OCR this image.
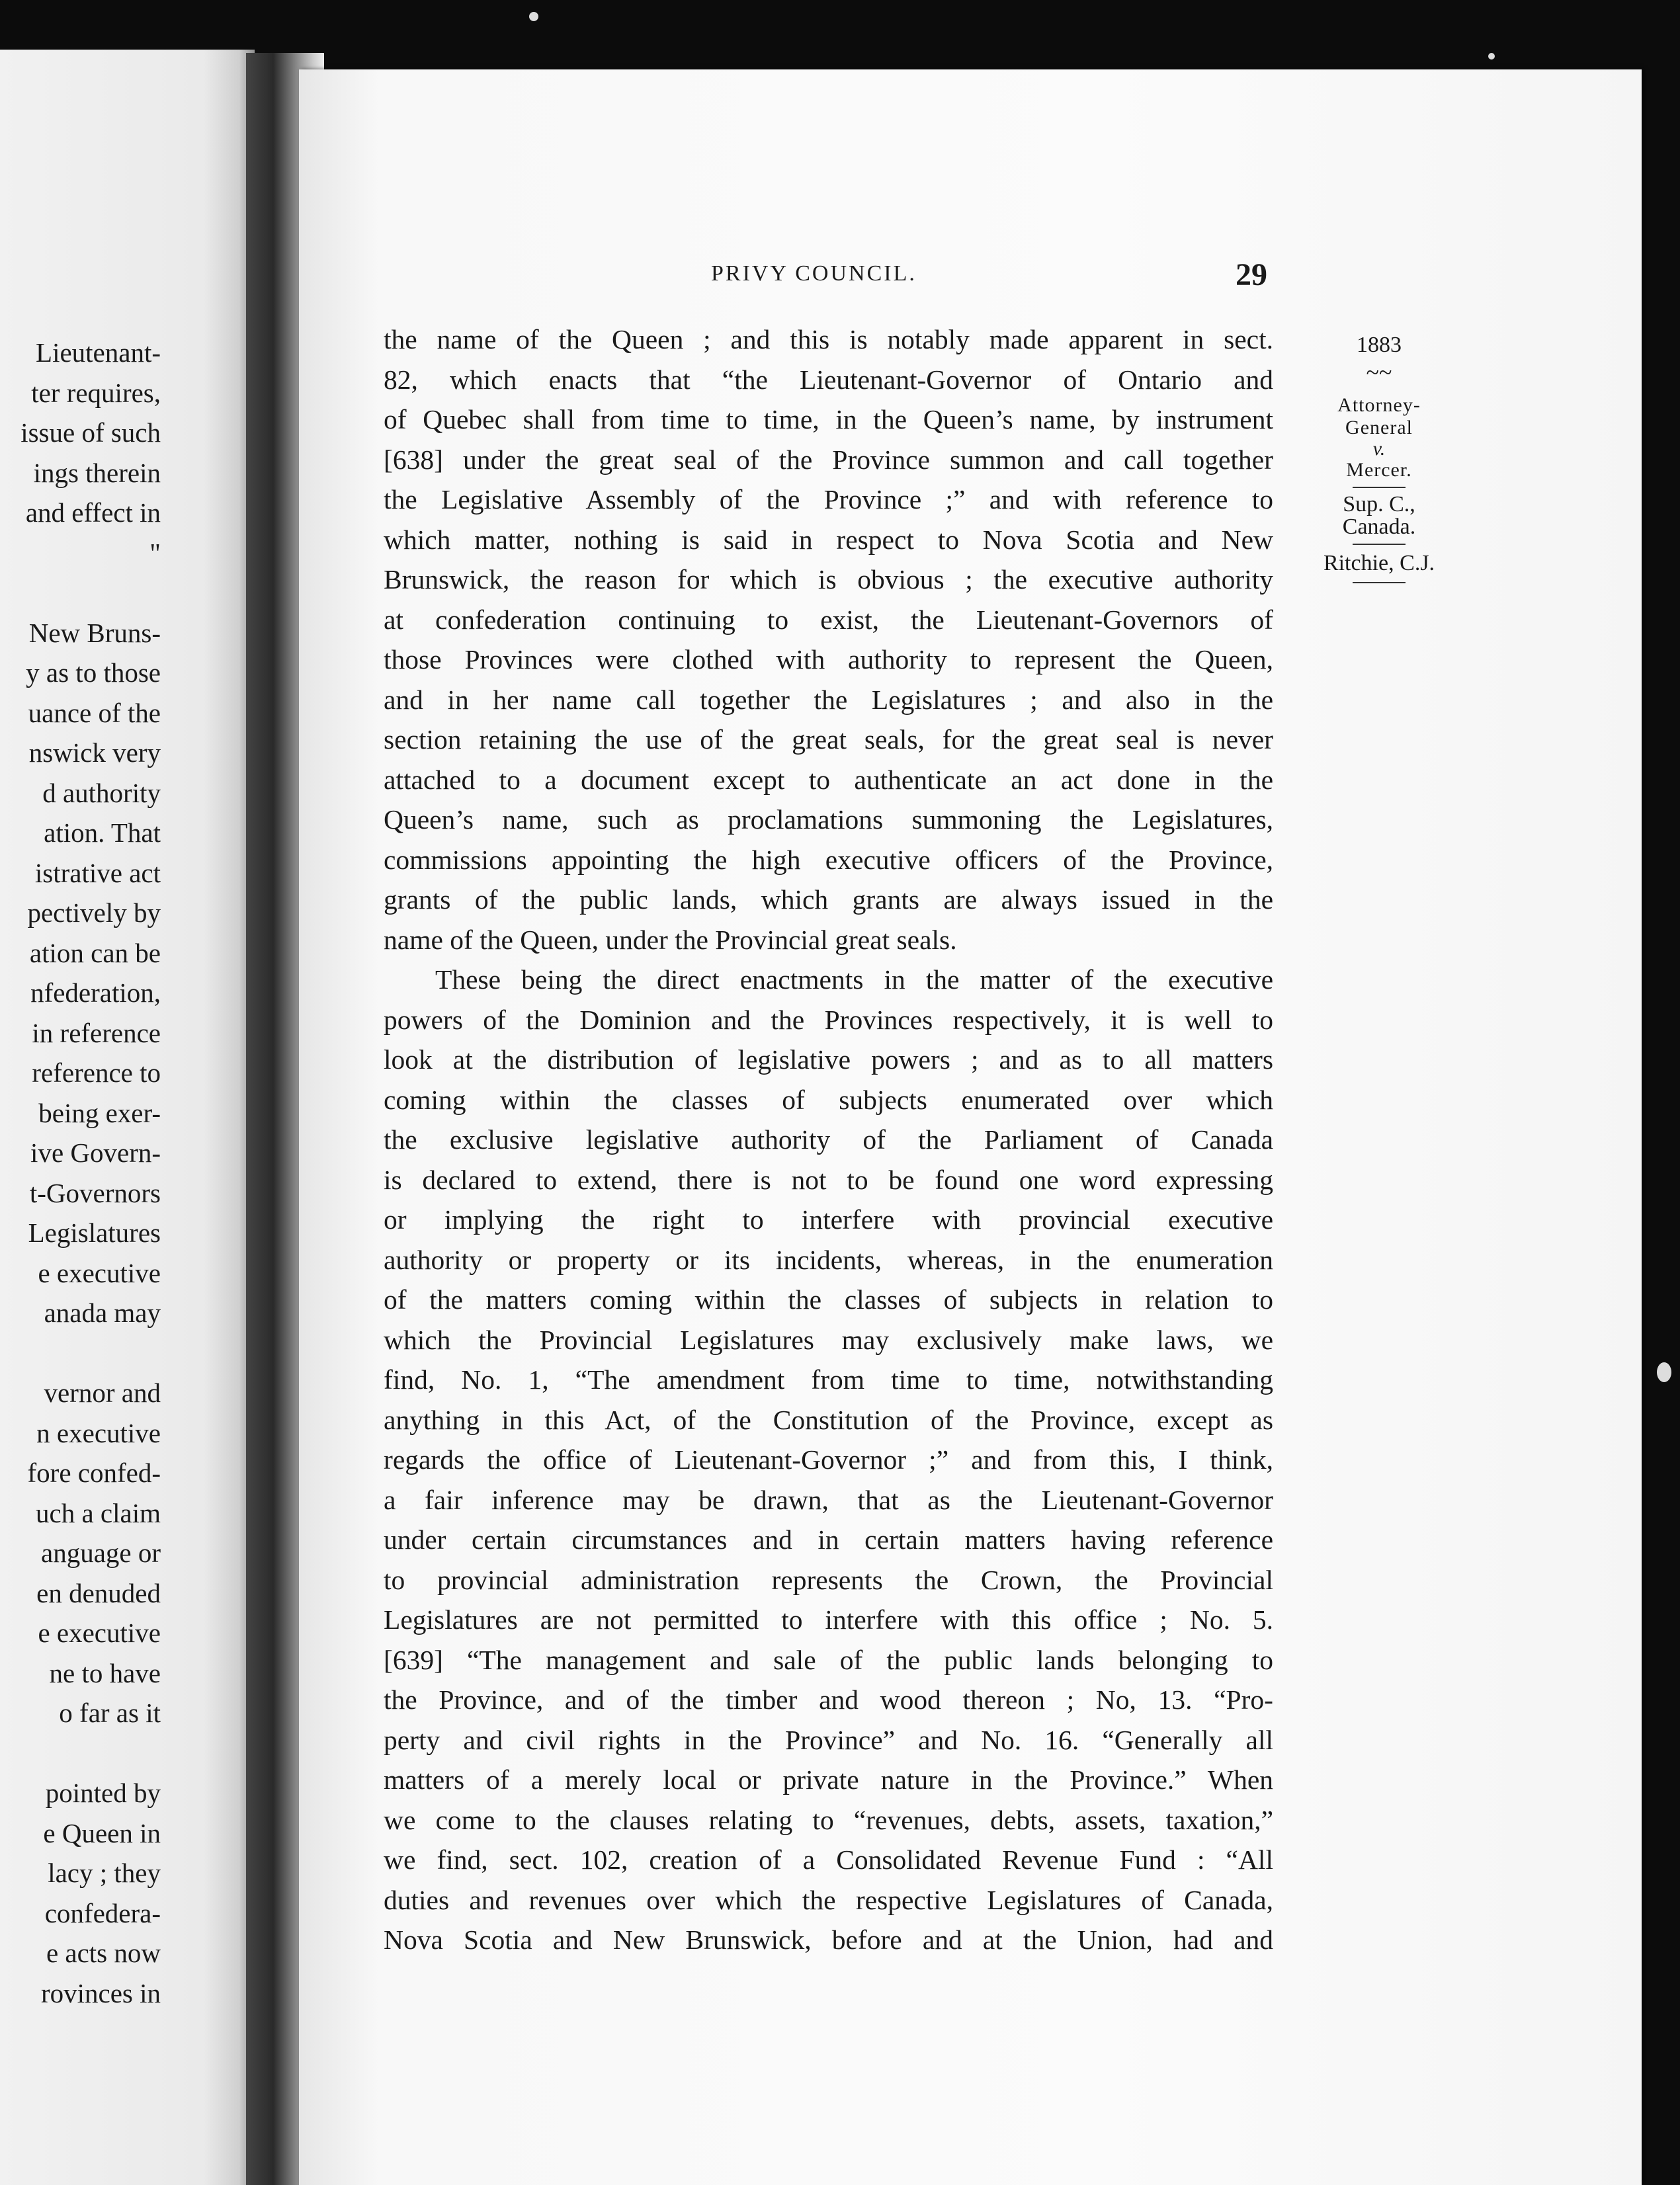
Lieutenant-
ter requires,
issue of such
ings therein
and effect in
"
New Bruns-
y as to those
uance of the
nswick very
d authority
ation. That
istrative act
pectively by
ation can be
nfederation,
in reference
reference to
being exer-
ive Govern-
t-Governors
Legislatures
e executive
anada may
vernor and
n executive
fore confed-
uch a claim
anguage or
en denuded
e executive
ne to have
o far as it
pointed by
e Queen in
lacy ; they
confedera-
e acts now
rovinces in
PRIVY COUNCIL.	29
1883
~~
Attorney-
General
v.
Mercer.
Sup. C.,
Canada.
Ritchie, C.J.
the name of the Queen ; and this is notably made apparent in sect.
82, which enacts that “the Lieutenant-Governor of Ontario and
of Quebec shall from time to time, in the Queen’s name, by instrument
[638] under the great seal of the Province summon and call together
the Legislative Assembly of the Province ;” and with reference to
which matter, nothing is said in respect to Nova Scotia and New
Brunswick, the reason for which is obvious ; the executive authority
at confederation continuing to exist, the Lieutenant-Governors of
those Provinces were clothed with authority to represent the Queen,
and in her name call together the Legislatures ; and also in the
section retaining the use of the great seals, for the great seal is never
attached to a document except to authenticate an act done in the
Queen’s name, such as proclamations summoning the Legislatures,
commissions appointing the high executive officers of the Province,
grants of the public lands, which grants are always issued in the
name of the Queen, under the Provincial great seals.
These being the direct enactments in the matter of the executive
powers of the Dominion and the Provinces respectively, it is well to
look at the distribution of legislative powers ; and as to all matters
coming within the classes of subjects enumerated over which
the exclusive legislative authority of the Parliament of Canada
is declared to extend, there is not to be found one word expressing
or implying the right to interfere with provincial executive
authority or property or its incidents, whereas, in the enumeration
of the matters coming within the classes of subjects in relation to
which the Provincial Legislatures may exclusively make laws, we
find, No. 1, “The amendment from time to time, notwithstanding
anything in this Act, of the Constitution of the Province, except as
regards the office of Lieutenant-Governor ;” and from this, I think,
a fair inference may be drawn, that as the Lieutenant-Governor
under certain circumstances and in certain matters having reference
to provincial administration represents the Crown, the Provincial
Legislatures are not permitted to interfere with this office ; No. 5.
[639] “The management and sale of the public lands belonging to
the Province, and of the timber and wood thereon ; No, 13. “Pro-
perty and civil rights in the Province” and No. 16. “Generally all
matters of a merely local or private nature in the Province.” When
we come to the clauses relating to “revenues, debts, assets, taxation,”
we find, sect. 102, creation of a Consolidated Revenue Fund : “All
duties and revenues over which the respective Legislatures of Canada,
Nova Scotia and New Brunswick, before and at the Union, had and
